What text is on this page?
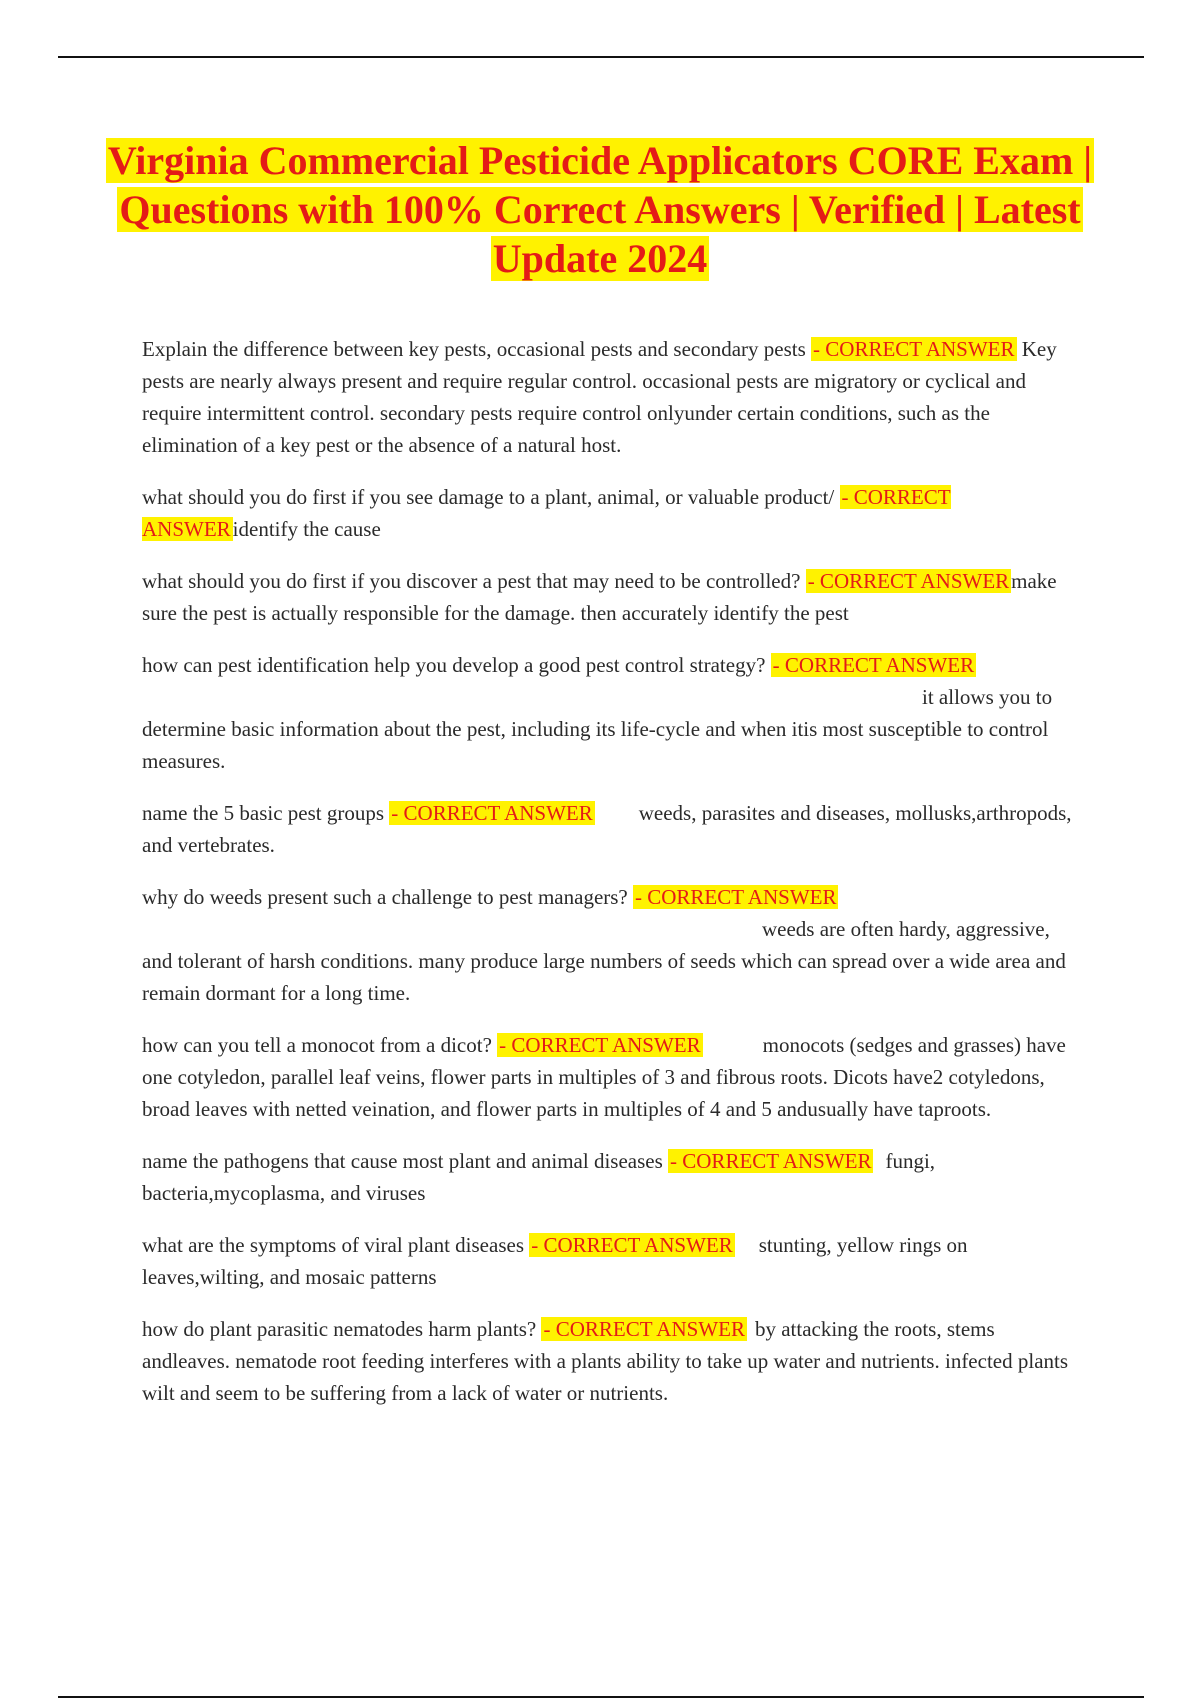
Virginia Commercial Pesticide Applicators CORE Exam | Questions with 100% Correct Answers | Verified | Latest Update 2024

Explain the difference between key pests, occasional pests and secondary pests - CORRECT ANSWER Key pests are nearly always present and require regular control. occasional pests are migratory or cyclical and require intermittent control. secondary pests require control onlyunder certain conditions, such as the elimination of a key pest or the absence of a natural host.

what should you do first if you see damage to a plant, animal, or valuable product/ - CORRECT ANSWERidentify the cause

what should you do first if you discover a pest that may need to be controlled? - CORRECT ANSWERmake sure the pest is actually responsible for the damage. then accurately identify the pest

how can pest identification help you develop a good pest control strategy? - CORRECT ANSWERit allows you to determine basic information about the pest, including its life-cycle and when itis most susceptible to control measures.

name the 5 basic pest groups - CORRECT ANSWER weeds, parasites and diseases, mollusks,arthropods, and vertebrates.

why do weeds present such a challenge to pest managers? - CORRECT ANSWERweeds are often hardy, aggressive, and tolerant of harsh conditions. many produce large numbers of seeds which can spread over a wide area and remain dormant for a long time.

how can you tell a monocot from a dicot? - CORRECT ANSWER	monocots (sedges and grasses) have one cotyledon, parallel leaf veins, flower parts in multiples of 3 and fibrous roots. Dicots have2 cotyledons, broad leaves with netted veination, and flower parts in multiples of 4 and 5 andusually have taproots.

name the pathogens that cause most plant and animal diseases - CORRECT ANSWER fungi, bacteria,mycoplasma, and viruses

what are the symptoms of viral plant diseases - CORRECT ANSWER stunting, yellow rings on leaves,wilting, and mosaic patterns

how do plant parasitic nematodes harm plants? - CORRECT ANSWER by attacking the roots, stems andleaves. nematode root feeding interferes with a plants ability to take up water and nutrients. infected plants wilt and seem to be suffering from a lack of water or nutrients.
